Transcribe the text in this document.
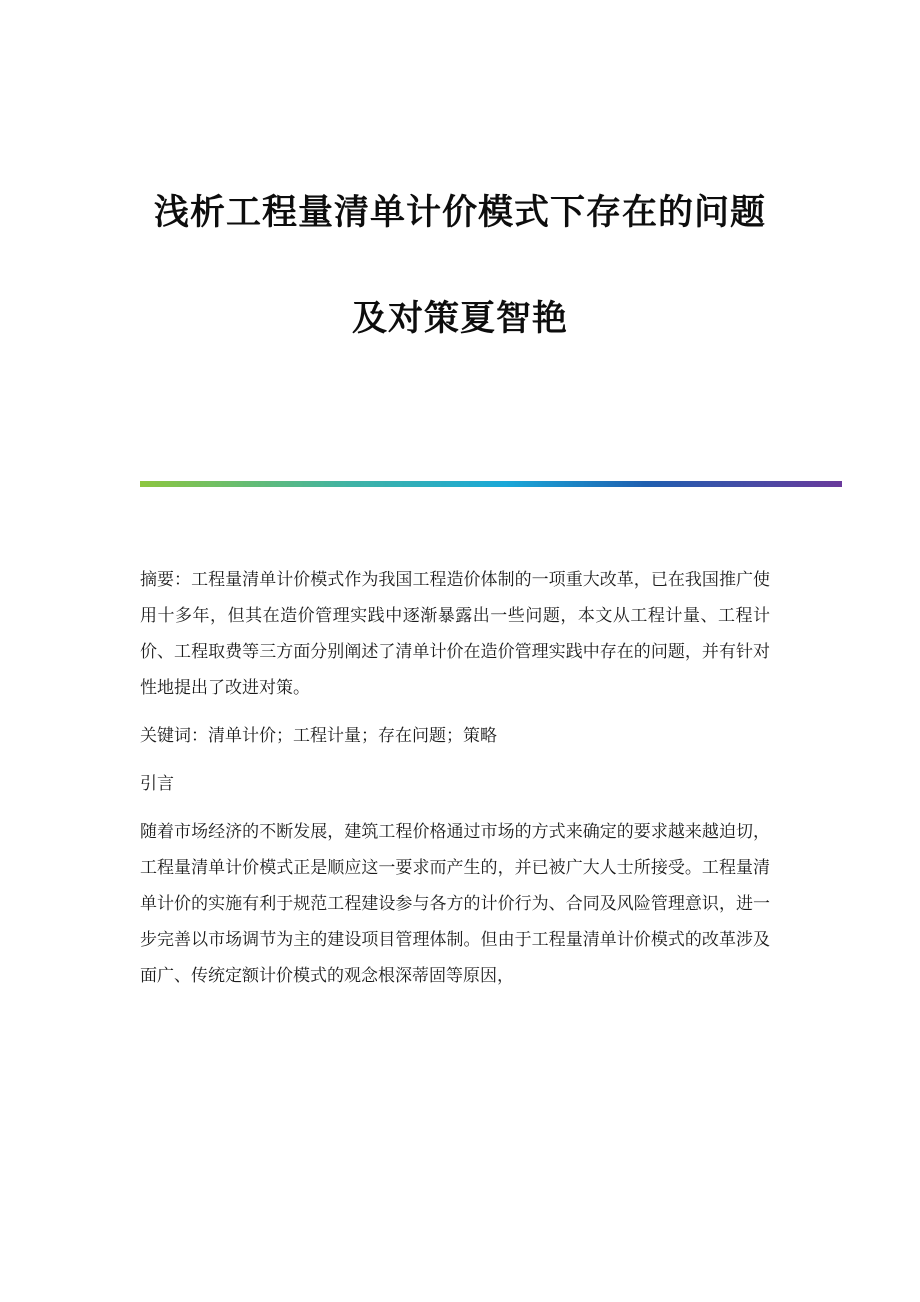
浅析工程量清单计价模式下存在的问题
及对策夏智艳

摘要：工程量清单计价模式作为我国工程造价体制的一项重大改革，已在我国推广使用十多年，但其在造价管理实践中逐渐暴露出一些问题，本文从工程计量、工程计价、工程取费等三方面分别阐述了清单计价在造价管理实践中存在的问题，并有针对性地提出了改进对策。

关键词：清单计价；工程计量；存在问题；策略

引言

随着市场经济的不断发展，建筑工程价格通过市场的方式来确定的要求越来越迫切，工程量清单计价模式正是顺应这一要求而产生的，并已被广大人士所接受。工程量清单计价的实施有利于规范工程建设参与各方的计价行为、合同及风险管理意识，进一步完善以市场调节为主的建设项目管理体制。但由于工程量清单计价模式的改革涉及面广、传统定额计价模式的观念根深蒂固等原因，
